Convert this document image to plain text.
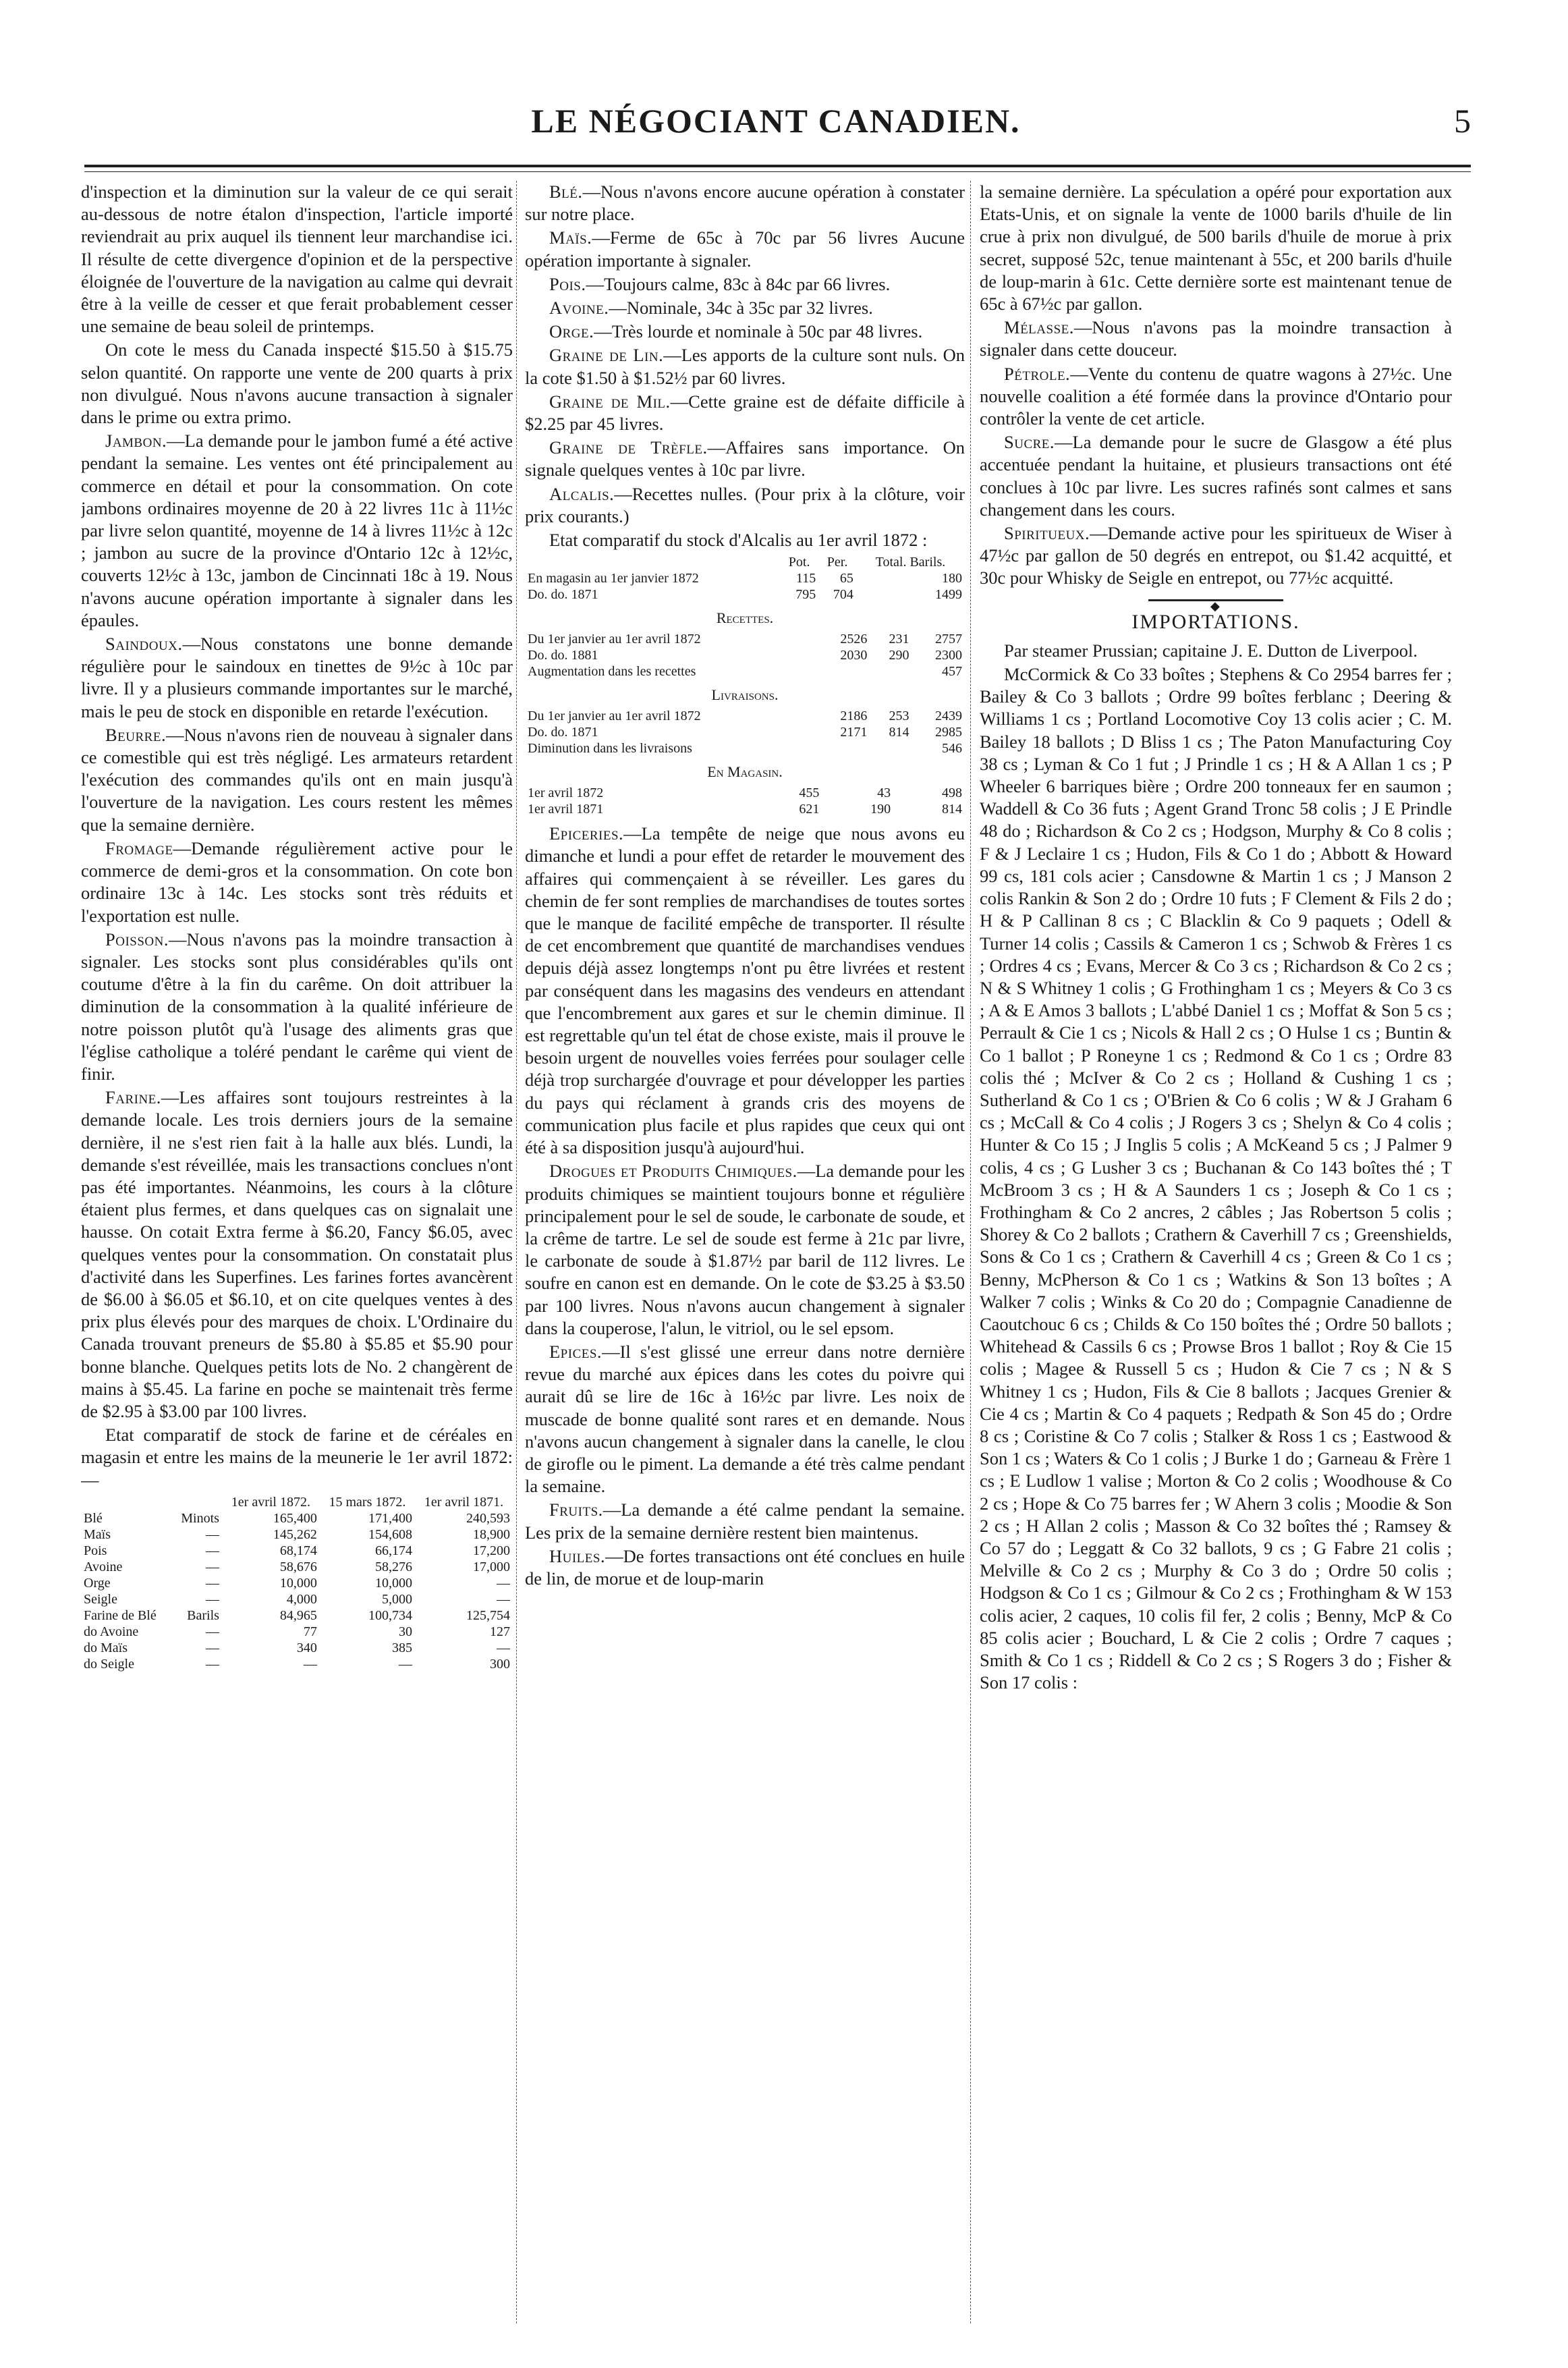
LE NÉGOCIANT CANADIEN.	5

d'inspection et la diminution sur la valeur de ce qui serait au-dessous de notre étalon d'inspection, l'article importé reviendrait au prix auquel ils tiennent leur marchandise ici. Il résulte de cette divergence d'opinion et de la perspective éloignée de l'ouverture de la navigation au calme qui devrait être à la veille de cesser et que ferait probablement cesser une semaine de beau soleil de printemps.

On cote le mess du Canada inspecté $15.50 à $15.75 selon quantité. On rapporte une vente de 200 quarts à prix non divulgué. Nous n'avons aucune transaction à signaler dans le prime ou extra primo.

Jambon.—La demande pour le jambon fumé a été active pendant la semaine. Les ventes ont été principalement au commerce en détail et pour la consommation. On cote jambons ordinaires moyenne de 20 à 22 livres 11c à 11½c par livre selon quantité, moyenne de 14 à livres 11½c à 12c ; jambon au sucre de la province d'Ontario 12c à 12½c, couverts 12½c à 13c, jambon de Cincinnati 18c à 19. Nous n'avons aucune opération importante à signaler dans les épaules.

Saindoux.—Nous constatons une bonne demande régulière pour le saindoux en tinettes de 9½c à 10c par livre. Il y a plusieurs commande importantes sur le marché, mais le peu de stock en disponible en retarde l'exécution.

Beurre.—Nous n'avons rien de nouveau à signaler dans ce comestible qui est très négligé. Les armateurs retardent l'exécution des commandes qu'ils ont en main jusqu'à l'ouverture de la navigation. Les cours restent les mêmes que la semaine dernière.

Fromage—Demande régulièrement active pour le commerce de demi-gros et la consommation. On cote bon ordinaire 13c à 14c. Les stocks sont très réduits et l'exportation est nulle.

Poisson.—Nous n'avons pas la moindre transaction à signaler. Les stocks sont plus considérables qu'ils ont coutume d'être à la fin du carême. On doit attribuer la diminution de la consommation à la qualité inférieure de notre poisson plutôt qu'à l'usage des aliments gras que l'église catholique a toléré pendant le carême qui vient de finir.

Farine.—Les affaires sont toujours restreintes à la demande locale. Les trois derniers jours de la semaine dernière, il ne s'est rien fait à la halle aux blés. Lundi, la demande s'est réveillée, mais les transactions conclues n'ont pas été importantes. Néanmoins, les cours à la clôture étaient plus fermes, et dans quelques cas on signalait une hausse. On cotait Extra ferme à $6.20, Fancy $6.05, avec quelques ventes pour la consommation. On constatait plus d'activité dans les Superfines. Les farines fortes avancèrent de $6.00 à $6.05 et $6.10, et on cite quelques ventes à des prix plus élevés pour des marques de choix. L'Ordinaire du Canada trouvant preneurs de $5.80 à $5.85 et $5.90 pour bonne blanche. Quelques petits lots de No. 2 changèrent de mains à $5.45. La farine en poche se maintenait très ferme de $2.95 à $3.00 par 100 livres.

Etat comparatif de stock de farine et de céréales en magasin et entre les mains de la meunerie le 1er avril 1872:—

		1er avril 1872.	15 mars 1872.	1er avril 1871.
Blé	Minots	165,400	171,400	240,593
Maïs	—	145,262	154,608	18,900
Pois	—	68,174	66,174	17,200
Avoine	—	58,676	58,276	17,000
Orge	—	10,000	10,000	—
Seigle	—	4,000	5,000	—
Farine de Blé	Barils	84,965	100,734	125,754
do Avoine	—	77	30	127
do Maïs	—	340	385	—
do Seigle	—	—	—	300

Blé.—Nous n'avons encore aucune opération à constater sur notre place.

Maïs.—Ferme de 65c à 70c par 56 livres Aucune opération importante à signaler.

Pois.—Toujours calme, 83c à 84c par 66 livres.

Avoine.—Nominale, 34c à 35c par 32 livres.

Orge.—Très lourde et nominale à 50c par 48 livres.

Graine de Lin.—Les apports de la culture sont nuls. On la cote $1.50 à $1.52½ par 60 livres.

Graine de Mil.—Cette graine est de défaite difficile à $2.25 par 45 livres.

Graine de Trèfle.—Affaires sans importance. On signale quelques ventes à 10c par livre.

Alcalis.—Recettes nulles. (Pour prix à la clôture, voir prix courants.)

Etat comparatif du stock d'Alcalis au 1er avril 1872 :

	Pot.	Per.	Total. Barils.
En magasin au 1er janvier 1872	115	65	180
Do. do. 1871	795	704	1499
Recettes.
Du 1er janvier au 1er avril 1872	2526	231	2757
Do. do. 1881	2030	290	2300
Augmentation dans les recettes			457
Livraisons.
Du 1er janvier au 1er avril 1872	2186	253	2439
Do. do. 1871	2171	814	2985
Diminution dans les livraisons			546
En Magasin.
1er avril 1872	455	43	498
1er avril 1871	621	190	814

Epiceries.—La tempête de neige que nous avons eu dimanche et lundi a pour effet de retarder le mouvement des affaires qui commençaient à se réveiller. Les gares du chemin de fer sont remplies de marchandises de toutes sortes que le manque de facilité empêche de transporter. Il résulte de cet encombrement que quantité de marchandises vendues depuis déjà assez longtemps n'ont pu être livrées et restent par conséquent dans les magasins des vendeurs en attendant que l'encombrement aux gares et sur le chemin diminue. Il est regrettable qu'un tel état de chose existe, mais il prouve le besoin urgent de nouvelles voies ferrées pour soulager celle déjà trop surchargée d'ouvrage et pour développer les parties du pays qui réclament à grands cris des moyens de communication plus facile et plus rapides que ceux qui ont été à sa disposition jusqu'à aujourd'hui.

Drogues et Produits Chimiques.—La demande pour les produits chimiques se maintient toujours bonne et régulière principalement pour le sel de soude, le carbonate de soude, et la crême de tartre. Le sel de soude est ferme à 21c par livre, le carbonate de soude à $1.87½ par baril de 112 livres. Le soufre en canon est en demande. On le cote de $3.25 à $3.50 par 100 livres. Nous n'avons aucun changement à signaler dans la couperose, l'alun, le vitriol, ou le sel epsom.

Epices.—Il s'est glissé une erreur dans notre dernière revue du marché aux épices dans les cotes du poivre qui aurait dû se lire de 16c à 16½c par livre. Les noix de muscade de bonne qualité sont rares et en demande. Nous n'avons aucun changement à signaler dans la canelle, le clou de girofle ou le piment. La demande a été très calme pendant la semaine.

Fruits.—La demande a été calme pendant la semaine. Les prix de la semaine dernière restent bien maintenus.

Huiles.—De fortes transactions ont été conclues en huile de lin, de morue et de loup-marin

la semaine dernière. La spéculation a opéré pour exportation aux Etats-Unis, et on signale la vente de 1000 barils d'huile de lin crue à prix non divulgué, de 500 barils d'huile de morue à prix secret, supposé 52c, tenue maintenant à 55c, et 200 barils d'huile de loup-marin à 61c. Cette dernière sorte est maintenant tenue de 65c à 67½c par gallon.

Mélasse.—Nous n'avons pas la moindre transaction à signaler dans cette douceur.

Pétrole.—Vente du contenu de quatre wagons à 27½c. Une nouvelle coalition a été formée dans la province d'Ontario pour contrôler la vente de cet article.

Sucre.—La demande pour le sucre de Glasgow a été plus accentuée pendant la huitaine, et plusieurs transactions ont été conclues à 10c par livre. Les sucres rafinés sont calmes et sans changement dans les cours.

Spiritueux.—Demande active pour les spiritueux de Wiser à 47½c par gallon de 50 degrés en entrepot, ou $1.42 acquitté, et 30c pour Whisky de Seigle en entrepot, ou 77½c acquitté.

◆
IMPORTATIONS.

Par steamer Prussian; capitaine J. E. Dutton de Liverpool.

McCormick & Co 33 boîtes ; Stephens & Co 2954 barres fer ; Bailey & Co 3 ballots ; Ordre 99 boîtes ferblanc ; Deering & Williams 1 cs ; Portland Locomotive Coy 13 colis acier ; C. M. Bailey 18 ballots ; D Bliss 1 cs ; The Paton Manufacturing Coy 38 cs ; Lyman & Co 1 fut ; J Prindle 1 cs ; H & A Allan 1 cs ; P Wheeler 6 barriques bière ; Ordre 200 tonneaux fer en saumon ; Waddell & Co 36 futs ; Agent Grand Tronc 58 colis ; J E Prindle 48 do ; Richardson & Co 2 cs ; Hodgson, Murphy & Co 8 colis ; F & J Leclaire 1 cs ; Hudon, Fils & Co 1 do ; Abbott & Howard 99 cs, 181 cols acier ; Cansdowne & Martin 1 cs ; J Manson 2 colis Rankin & Son 2 do ; Ordre 10 futs ; F Clement & Fils 2 do ; H & P Callinan 8 cs ; C Blacklin & Co 9 paquets ; Odell & Turner 14 colis ; Cassils & Cameron 1 cs ; Schwob & Frères 1 cs ; Ordres 4 cs ; Evans, Mercer & Co 3 cs ; Richardson & Co 2 cs ; N & S Whitney 1 colis ; G Frothingham 1 cs ; Meyers & Co 3 cs ; A & E Amos 3 ballots ; L'abbé Daniel 1 cs ; Moffat & Son 5 cs ; Perrault & Cie 1 cs ; Nicols & Hall 2 cs ; O Hulse 1 cs ; Buntin & Co 1 ballot ; P Roneyne 1 cs ; Redmond & Co 1 cs ; Ordre 83 colis thé ; McIver & Co 2 cs ; Holland & Cushing 1 cs ; Sutherland & Co 1 cs ; O'Brien & Co 6 colis ; W & J Graham 6 cs ; McCall & Co 4 colis ; J Rogers 3 cs ; Shelyn & Co 4 colis ; Hunter & Co 15 ; J Inglis 5 colis ; A McKeand 5 cs ; J Palmer 9 colis, 4 cs ; G Lusher 3 cs ; Buchanan & Co 143 boîtes thé ; T McBroom 3 cs ; H & A Saunders 1 cs ; Joseph & Co 1 cs ; Frothingham & Co 2 ancres, 2 câbles ; Jas Robertson 5 colis ; Shorey & Co 2 ballots ; Crathern & Caverhill 7 cs ; Greenshields, Sons & Co 1 cs ; Crathern & Caverhill 4 cs ; Green & Co 1 cs ; Benny, McPherson & Co 1 cs ; Watkins & Son 13 boîtes ; A Walker 7 colis ; Winks & Co 20 do ; Compagnie Canadienne de Caoutchouc 6 cs ; Childs & Co 150 boîtes thé ; Ordre 50 ballots ; Whitehead & Cassils 6 cs ; Prowse Bros 1 ballot ; Roy & Cie 15 colis ; Magee & Russell 5 cs ; Hudon & Cie 7 cs ; N & S Whitney 1 cs ; Hudon, Fils & Cie 8 ballots ; Jacques Grenier & Cie 4 cs ; Martin & Co 4 paquets ; Redpath & Son 45 do ; Ordre 8 cs ; Coristine & Co 7 colis ; Stalker & Ross 1 cs ; Eastwood & Son 1 cs ; Waters & Co 1 colis ; J Burke 1 do ; Garneau & Frère 1 cs ; E Ludlow 1 valise ; Morton & Co 2 colis ; Woodhouse & Co 2 cs ; Hope & Co 75 barres fer ; W Ahern 3 colis ; Moodie & Son 2 cs ; H Allan 2 colis ; Masson & Co 32 boîtes thé ; Ramsey & Co 57 do ; Leggatt & Co 32 ballots, 9 cs ; G Fabre 21 colis ; Melville & Co 2 cs ; Murphy & Co 3 do ; Ordre 50 colis ; Hodgson & Co 1 cs ; Gilmour & Co 2 cs ; Frothingham & W 153 colis acier, 2 caques, 10 colis fil fer, 2 colis ; Benny, McP & Co 85 colis acier ; Bouchard, L & Cie 2 colis ; Ordre 7 caques ; Smith & Co 1 cs ; Riddell & Co 2 cs ; S Rogers 3 do ; Fisher & Son 17 colis :
